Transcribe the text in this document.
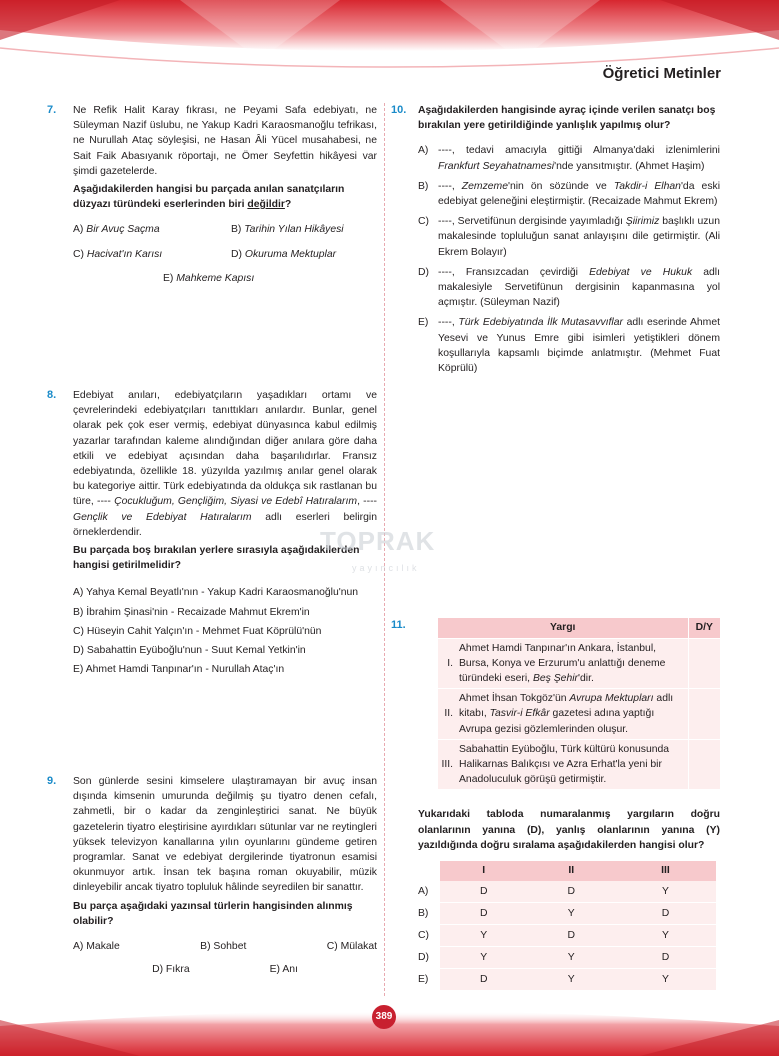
Öğretici Metinler
7. Ne Refik Halit Karay fıkrası, ne Peyami Safa edebiyatı, ne Süleyman Nazif üslubu, ne Yakup Kadri Karaosmanoğlu tefrikası, ne Nurullah Ataç söyleşisi, ne Hasan Âli Yücel musahabesi, ne Sait Faik Abasıyanık röportajı, ne Ömer Seyfettin hikâyesi var şimdi gazetelerde.
Aşağıdakilerden hangisi bu parçada anılan sanatçıların düzyazı türündeki eserlerinden biri değildir?
A) Bir Avuç Saçma	B) Tarihin Yılan Hikâyesi
C) Hacivat'ın Karısı	D) Okuruma Mektuplar
E) Mahkeme Kapısı
8. Edebiyat anıları, edebiyatçıların yaşadıkları ortamı ve çevrelerindeki edebiyatçıları tanıttıkları anılardır. Bunlar, genel olarak pek çok eser vermiş, edebiyat dünyasınca kabul edilmiş yazarlar tarafından kaleme alındığından diğer anılara göre daha etkili ve edebiyat açısından daha başarılıdırlar. Fransız edebiyatında, özellikle 18. yüzyılda yazılmış anılar genel olarak bu kategoriye aittir. Türk edebiyatında da oldukça sık rastlanan bu türe, ---- Çocukluğum, Gençliğim, Siyasi ve Edebî Hatıralarım, ---- Gençlik ve Edebiyat Hatıralarım adlı eserleri belirgin örneklerdendir.
Bu parçada boş bırakılan yerlere sırasıyla aşağıdakilerden hangisi getirilmelidir?
A) Yahya Kemal Beyatlı'nın - Yakup Kadri Karaosmanoğlu'nun
B) İbrahim Şinasi'nin - Recaizade Mahmut Ekrem'in
C) Hüseyin Cahit Yalçın'ın - Mehmet Fuat Köprülü'nün
D) Sabahattin Eyüboğlu'nun - Suut Kemal Yetkin'in
E) Ahmet Hamdi Tanpınar'ın - Nurullah Ataç'ın
TOPRAK
yayıncılık
9. Son günlerde sesini kimselere ulaştıramayan bir avuç insan dışında kimsenin umurunda değilmiş şu tiyatro denen cefalı, zahmetli, bir o kadar da zenginleştirici sanat. Ne büyük gazetelerin tiyatro eleştirisine ayırdıkları sütunlar var ne reytingleri yüksek televizyon kanallarına yılın oyunlarını gündeme getiren programlar. Sanat ve edebiyat dergilerinde tiyatronun esamisi okunmuyor artık. İnsan tek başına roman okuyabilir, müzik dinleyebilir ancak tiyatro topluluk hâlinde seyredilen bir sanattır.
Bu parça aşağıdaki yazınsal türlerin hangisinden alınmış olabilir?
A) Makale	B) Sohbet	C) Mülakat
D) Fıkra	E) Anı
10. Aşağıdakilerden hangisinde ayraç içinde verilen sanatçı boş bırakılan yere getirildiğinde yanlışlık yapılmış olur?
A) ----, tedavi amacıyla gittiği Almanya'daki izlenimlerini Frankfurt Seyahatnamesi'nde yansıtmıştır. (Ahmet Haşim)
B) ----, Zemzeme'nin ön sözünde ve Takdir-i Elhan'da eski edebiyat geleneğini eleştirmiştir. (Recaizade Mahmut Ekrem)
C) ----, Servetifünun dergisinde yayımladığı Şiirimiz başlıklı uzun makalesinde topluluğun sanat anlayışını dile getirmiştir. (Ali Ekrem Bolayır)
D) ----, Fransızcadan çevirdiği Edebiyat ve Hukuk adlı makalesiyle Servetifünun dergisinin kapanmasına yol açmıştır. (Süleyman Nazif)
E) ----, Türk Edebiyatında İlk Mutasavvıflar adlı eserinde Ahmet Yesevi ve Yunus Emre gibi isimleri yetiştikleri dönem koşullarıyla kapsamlı biçimde anlatmıştır. (Mehmet Fuat Köprülü)
11.	Yargı		D/Y
I.	Ahmet Hamdi Tanpınar'ın Ankara, İstanbul, Bursa, Konya ve Erzurum'u anlattığı deneme türündeki eseri, Beş Şehir'dir.	
II.	Ahmet İhsan Tokgöz'ün Avrupa Mektupları adlı kitabı, Tasvir-i Efkâr gazetesi adına yaptığı Avrupa gezisi gözlemlerinden oluşur.	
III.	Sabahattin Eyüboğlu, Türk kültürü konusunda Halikarnas Balıkçısı ve Azra Erhat'la yeni bir Anadoluculuk görüşü getirmiştir.	
Yukarıdaki tabloda numaralanmış yargıların doğru olanlarının yanına (D), yanlış olanlarının yanına (Y) yazıldığında doğru sıralama aşağıdakilerden hangisi olur?
	I	II	III
A)	D	D	Y
B)	D	Y	D
C)	Y	D	Y
D)	Y	Y	D
E)	D	Y	Y
389
